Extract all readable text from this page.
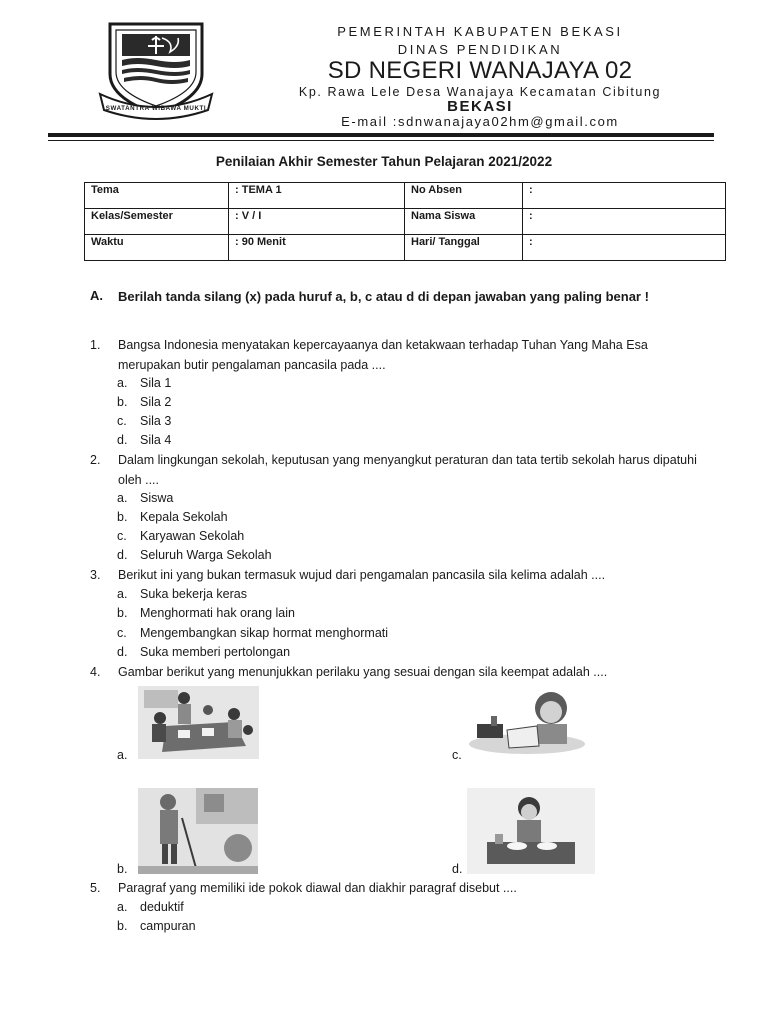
SWATANTRA WIBAWA MUKTI
PEMERINTAH KABUPATEN BEKASI
DINAS PENDIDIKAN
SD NEGERI WANAJAYA 02
Kp. Rawa Lele Desa Wanajaya Kecamatan Cibitung
BEKASI
E-mail :sdnwanajaya02hm@gmail.com
Penilaian Akhir Semester Tahun Pelajaran 2021/2022
Tema	: TEMA 1	No Absen	:
Kelas/Semester	: V / I	Nama Siswa	:
Waktu	: 90 Menit	Hari/ Tanggal	:
A. Berilah tanda silang (x) pada huruf a, b, c atau d di depan jawaban yang paling benar !
1. Bangsa Indonesia menyatakan kepercayaanya dan ketakwaan terhadap Tuhan Yang Maha Esa merupakan butir pengalaman pancasila pada ....
a. Sila 1
b. Sila 2
c. Sila 3
d. Sila 4
2. Dalam lingkungan sekolah, keputusan yang menyangkut peraturan dan tata tertib sekolah harus dipatuhi oleh ....
a. Siswa
b. Kepala Sekolah
c. Karyawan Sekolah
d. Seluruh Warga Sekolah
3. Berikut ini yang bukan termasuk wujud dari pengamalan pancasila sila kelima adalah ....
a. Suka bekerja keras
b. Menghormati hak orang lain
c. Mengembangkan sikap hormat menghormati
d. Suka memberi pertolongan
4. Gambar berikut yang menunjukkan perilaku yang sesuai dengan sila keempat adalah ....
a.	c.
b.	d.
5. Paragraf yang memiliki ide pokok diawal dan diakhir paragraf disebut ....
a. deduktif
b. campuran
